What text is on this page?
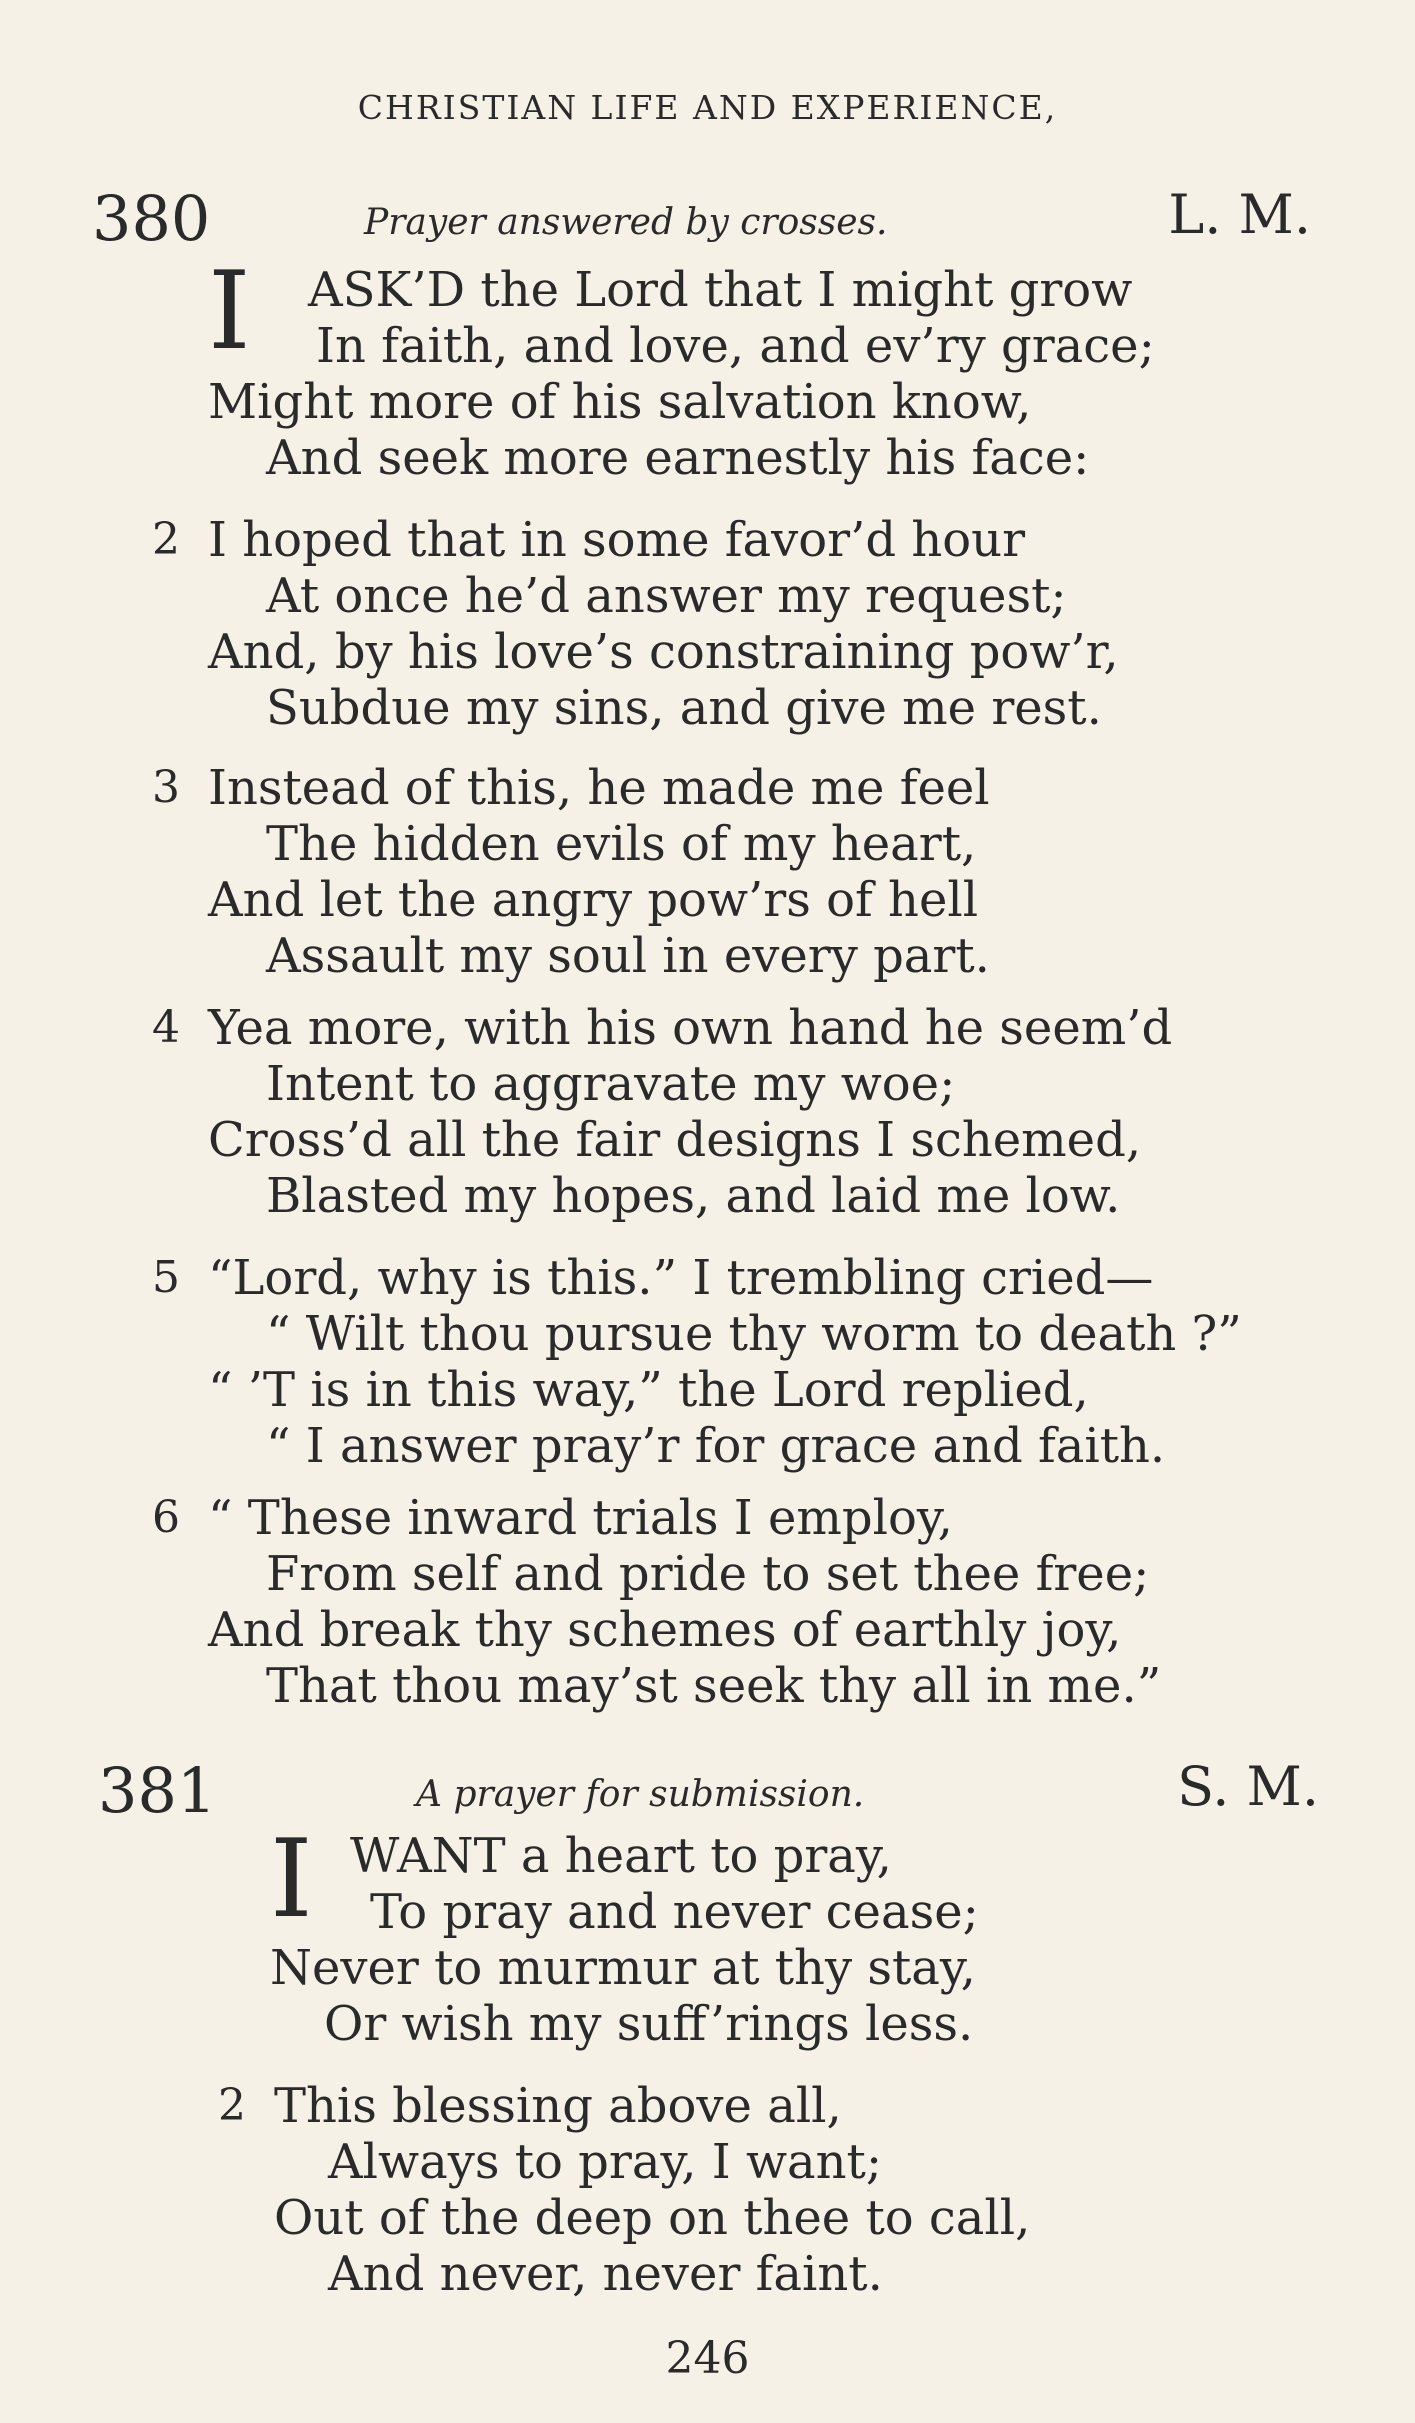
CHRISTIAN LIFE AND EXPERIENCE,
380	Prayer answered by crosses.	L. M.
I	ASK’D the Lord that I might grow
In faith, and love, and ev’ry grace;
Might more of his salvation know,
And seek more earnestly his face:
2 I hoped that in some favor’d hour
At once he’d answer my request;
And, by his love’s constraining pow’r,
Subdue my sins, and give me rest.
3 Instead of this, he made me feel
The hidden evils of my heart,
And let the angry pow’rs of hell
Assault my soul in every part.
4 Yea more, with his own hand he seem’d
Intent to aggravate my woe;
Cross’d all the fair designs I schemed,
Blasted my hopes, and laid me low.
5 “Lord, why is this.” I trembling cried—
“ Wilt thou pursue thy worm to death ?”
“ ’T is in this way,” the Lord replied,
“ I answer pray’r for grace and faith.
6 “ These inward trials I employ,
From self and pride to set thee free;
And break thy schemes of earthly joy,
That thou may’st seek thy all in me.”
381	A prayer for submission.	S. M.
I WANT a heart to pray,
To pray and never cease;
Never to murmur at thy stay,
Or wish my suff’rings less.
2 This blessing above all,
Always to pray, I want;
Out of the deep on thee to call,
And never, never faint.
246
